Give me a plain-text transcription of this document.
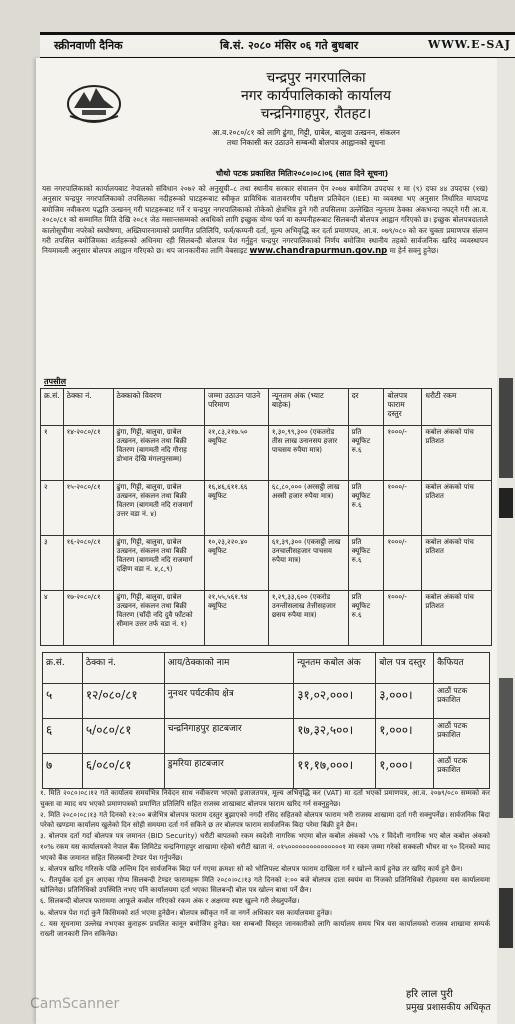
स्क्रीनवाणी दैनिक	बि.सं. २०८० मंसिर ०६ गते बुधबार	WWW.E-SAJ
चन्द्रपुर नगरपालिका
नगर कार्यपालिकाको कार्यालय
चन्द्रनिगाहपुर, रौतहट।
आ.व.२०८०/८१ को लागि ढुंगा, गिट्टी, ग्राबेल, बालुवा उत्खनन, संकलन
तथा निकासी कर उठाउने सम्बन्धी बोलपत्र आह्वानको सूचना
चौथो पटक प्रकाशित मितिः२०८०।०८।०६ (सात दिने सूचना)
यस नगरपालिकाको कार्यालयबाट नेपालको संविधान २०७२ को अनुसूची–८ तथा स्थानीय सरकार संचालन ऐन २०७४ बमोजिम उपदफा १ मा (९) दफा ४४ उपदफा (१ख) अनुसार चन्द्रपुर नगरपालिकाको तपसिलका नदीहरूको घाटहरूबाट स्वीकृत प्राविधिक वातावरणीय परीक्षण प्रतिवेदन (IEE) मा व्यवस्था भए अनुसार निर्धारित मापदण्ड बमोजिम नवीकरण पद्धति उत्खनन् गरी घाटहरूबाट गर्ने र चन्द्रपुर नगरपालिकाको तोकेको क्षेत्रभित्र हुने गरी तपसिलमा उल्लेखित न्यूनतम ठेक्का अंकभन्दा नघट्ने गरी आ.व. २०८०/८१ को सम्मानित मिति देखि २०८१ जेठ मसान्तसम्मको अवधिको लागि इच्छुक योग्य फर्म वा कम्पनीहरूबाट सिलबन्दी बोलपत्र आह्वान गरिएको छ। इच्छुक बोलपत्रदाताले कालोसूचीमा नपरेको स्वघोषणा, अख्तियारनामाको प्रमाणित प्रतिलिपि, फर्म/कम्पनी दर्ता, मूल्य अभिवृद्धि कर दर्ता प्रमाणपत्र, आ.व. ०७९/०८० को कर चुक्ता प्रमाणपत्र संलग्न गरी तपसिल बमोजिमका शर्तहरूको अधिनमा रही सिलबन्दी बोलपत्र पेश गर्नुहुन चन्द्रपुर नगरपालिकाको निर्णय बमोजिम स्थानीय तहको सार्वजनिक खरिद व्यवस्थापन नियमावली अनुसार बोलपत्र आह्वान गरिएको छ। थप जानकारीका लागि वेबसाइट www.chandrapurmun.gov.np मा हेर्न सक्नु हुनेछ।
तपसील
क्र.सं.	ठेक्का नं.	ठेक्काको विवरण	जम्मा उठाउन पाउने परिमाण	न्यूनतम अंक (भ्याट बाहेक)	दर	बोलपत्र फाराम दस्तुर	धरौटी रकम
१	१४-२०८०/८१	ढुंगा, गिट्टी, बालुवा, ग्राबेल उत्खनन, संकलन तथा बिक्री वितरण (बागमती नदि गौराह डोभान देखि मंगलपुरसम्म)	२१,८३,२१७.५० क्यूफिट	१,३०,९९,३०० (एकतरोड तीस लाख उनानसय हजार पाचसय रुपैया मात्र)	प्रति क्यूफिट रु.६	१०००/-	कबोल अंकको पांच प्रतिशत
२	१५-२०८०/८१	ढुंगा, गिट्टी, बालुवा, ग्राबेल उत्खनन, संकलन तथा बिक्री वितरण (बागमती नदि राजमार्ग उत्तर वडा नं. ४)	१६,४६,६११.६६ क्यूफिट	६८,८०,००० (अरसट्ठी लाख अस्सी हजार रुपैया मात्र)	प्रति क्यूफिट रु.६	१०००/-	कबोल अंकको पांच प्रतिशत
३	१६-२०८०/८१	ढुंगा, गिट्टी, बालुवा, ग्राबेल उत्खनन, संकलन तथा बिक्री वितरण (बागमती नदि राजमार्ग दक्षिण वडा नं. ४,८,९)	१०,२३,२२०.४० क्यूफिट	६१,३९,३०० (एकसट्ठी लाख उनचालीसहजार पाचसय रुपैया मात्र)	प्रति क्यूफिट रु.६	१०००/-	कबोल अंकको पांच प्रतिशत
४	१७-२०८०/८१	ढुंगा, गिट्टी, बालुवा, ग्राबेल उत्खनन, संकलन तथा बिक्री वितरण (चाँदी नदि दुवै फाँटको सीमान उत्तर तर्फ वडा नं. १)	२१,५५,५६१.९४ क्यूफिट	१,२९,३३,६०० (एकरोड उनन्तीसलाख तेत्तीसहजार छसय रुपैया मात्र)	प्रति क्यूफिट रु.६	१०००/-	कबोल अंकको पांच प्रतिशत
क्र.सं.	ठेक्का नं.	आय/ठेक्काको नाम	न्यूनतम कबोल अंक	बोल पत्र दस्तुर	कैफियत
५	१२/०८०/८१	नुनथर पर्यटकीय क्षेत्र	३१,०२,०००।	३,०००।	आठौं पटक प्रकाशित
६	५/०८०/८१	चन्द्रनिगाहपुर हाटबजार	१७,३२,५००।	१,०००।	आठौं पटक प्रकाशित
७	६/०८०/८१	डुमरिया हाटबजार	११,१७,०००।	१,०००।	आठौं पटक प्रकाशित

१. मिति २०८०।०८।१२ गते कार्यालय समयभित्र निवेदन साथ नवीकरण भएको इजाजतपत्र, मूल्य अभिवृद्धि कर (VAT) मा दर्ता भएको प्रमाणपत्र, आ.व. २०७९/०८० सम्मको कर चुक्ता वा म्याद थप भएको प्रमाणपत्रको प्रमाणित प्रतिलिपि सहित राजस्व शाखाबाट बोलपत्र फाराम खरिद गर्न सक्नुहुनेछ।

२. मिति २०८०।०८।१३ गते दिनको १२:०० बजेभित्र बोलपत्र फाराम दस्तुर बुझाएको नगदी रसिद सहितको बोलपत्र फाराम भरी राजस्व शाखामा दर्ता गरी सक्नुपर्नेछ। सार्वजनिक बिदा परेको खण्डमा कार्यालय खुलेको दिन सोही समयमा दर्ता गर्न सकिने छ तर बोलपत्र फाराम सार्वजनिक बिदा परेमा बिक्री हुने छैन।

३. बोलपत्र दर्ता गर्दा बोलपत्र पत्र जमानत (BID Security) धरौटी बापतको रकम स्वदेशी नागरिक भएमा बोल कबोल अंकको ५% र विदेशी नागरिक भए बोल कबोल अंकको १०% रकम यस कार्यालयको नेपाल बैंक लिमिटेड चन्द्रनिगाहपुर शाखामा रहेको धरौटी खाता नं. ०१५०००००००००००००००१ मा रकम जम्मा गरेको सक्कली भौचर वा ९० दिनको म्याद भएको बैंक जमानत सहित सिलबन्दी टेण्डर पेश गर्नुपर्नेछ।

४. बोलपत्र खरिद गरिसके पछि अन्तिम दिन सार्वजनिक बिदा पर्न गएमा क्रमशः सो को भोलिपल्ट बोलपत्र फाराम दाखिला गर्न र खोल्ने कार्य हुनेछ तर खरिद कार्य हुने छैन।

५. रीतपूर्वक दर्ता हुन आएका गोप्य सिलबन्दी टेण्डर फारामहरू मिति २०८०।०८।१३ गते दिनको २:०० बजे बोलपत्र दाता स्वयंम वा निजको प्रतिनिधिको रोहवरमा यस कार्यालयमा खोलिनेछ। प्रतिनिधिको उपस्थिति नभए पनि कार्यालयमा दर्ता भएका सिलबन्दी बोल पत्र खोल्न बाधा पर्ने छैन।

६. सिलबन्दी बोलपत्र फाराममा आफूले कबोल गरिएको रकम अंक र अक्षरमा स्पष्ट खुल्ने गरी लेख्नुपर्नेछ।

७. बोलपत्र पेश गर्दा कुनै किसिमको शर्त भएमा हुनेछैन। बोलपत्र स्वीकृत गर्ने वा नगर्ने अधिकार यस कार्यालयमा हुनेछ।

८. यस सूचनामा उल्लेख नभएका कुराहरू प्रचलित कानून बमोजिम हुनेछ। यस सम्बन्धी विस्तृत जानकारीको लागि कार्यालय समय भित्र यस कार्यालयको राजस्व शाखामा सम्पर्क राख्नी जानकारी लिन सकिनेछ।

हरि लाल पुरी
प्रमुख प्रशासकीय अधिकृत
CamScanner
